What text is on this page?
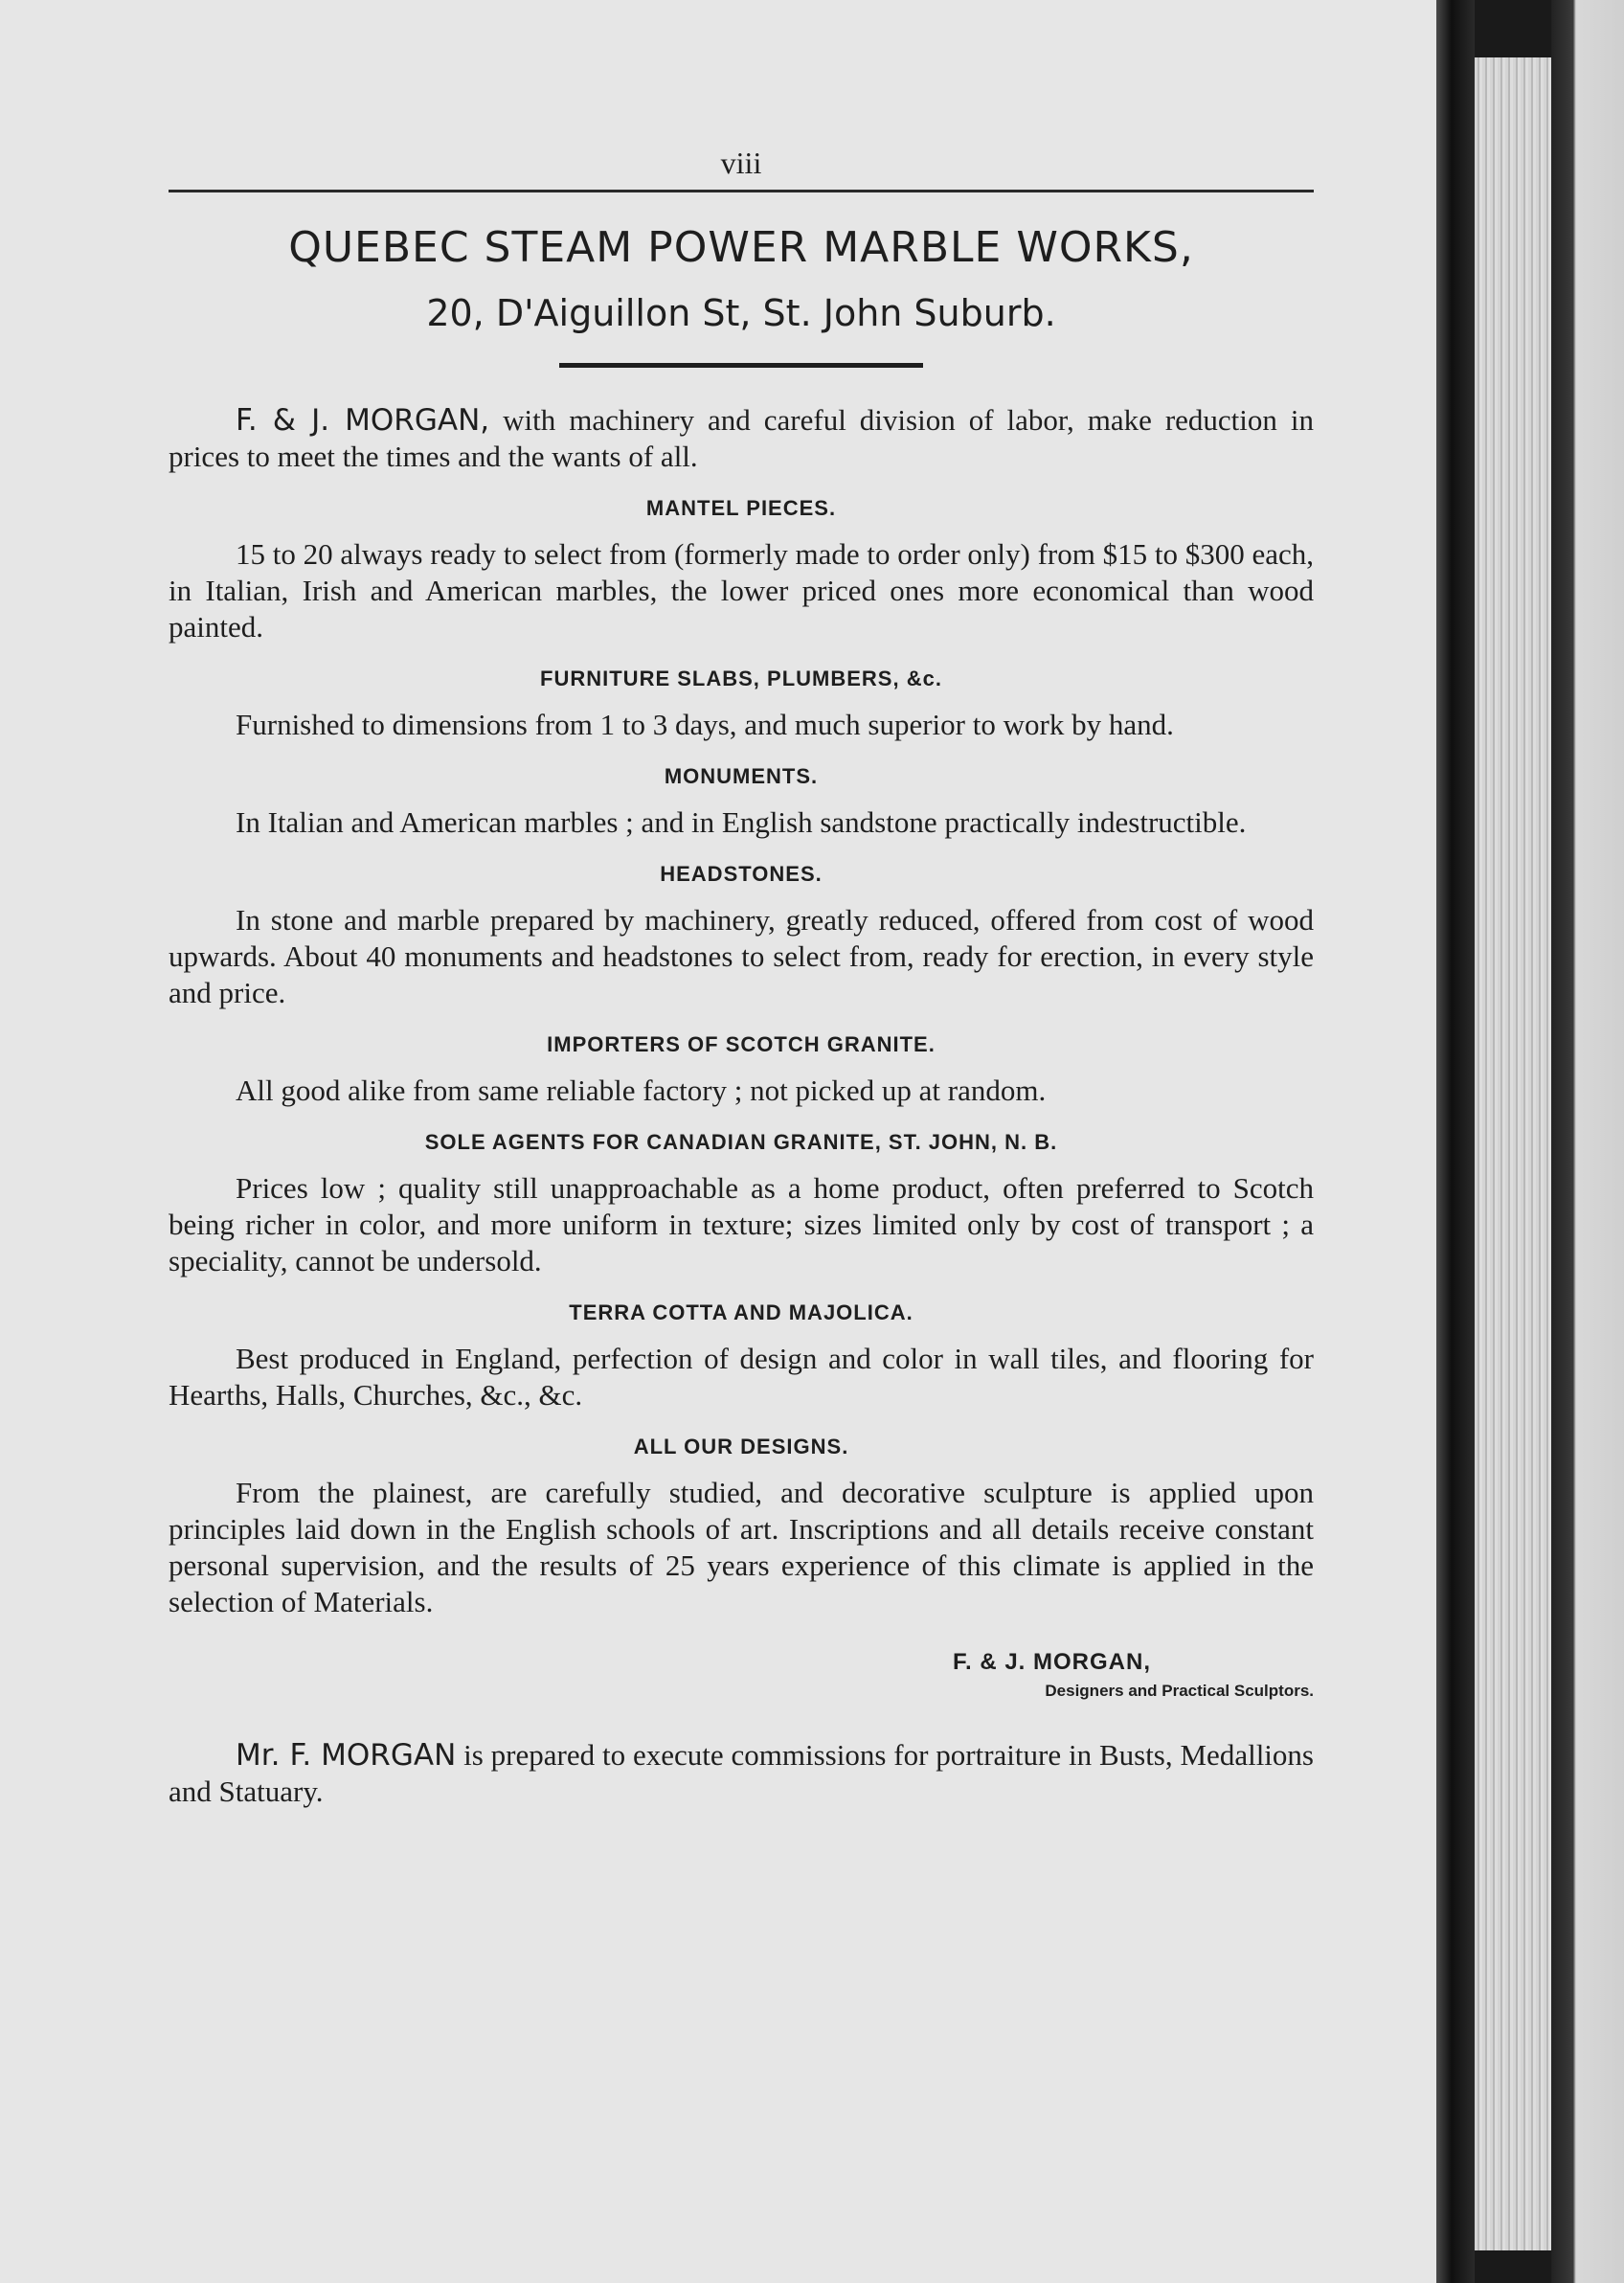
viii
QUEBEC STEAM POWER MARBLE WORKS,
20, D'Aiguillon St, St. John Suburb.

F. & J. MORGAN, with machinery and careful division of labor, make reduction in prices to meet the times and the wants of all.

MANTEL PIECES.

15 to 20 always ready to select from (formerly made to order only) from $15 to $300 each, in Italian, Irish and American marbles, the lower priced ones more economical than wood painted.

FURNITURE SLABS, PLUMBERS, &c.

Furnished to dimensions from 1 to 3 days, and much superior to work by hand.

MONUMENTS.

In Italian and American marbles ; and in English sandstone practically indestructible.

HEADSTONES.

In stone and marble prepared by machinery, greatly reduced, offered from cost of wood upwards. About 40 monuments and headstones to select from, ready for erection, in every style and price.

IMPORTERS OF SCOTCH GRANITE.

All good alike from same reliable factory ; not picked up at random.

SOLE AGENTS FOR CANADIAN GRANITE, ST. JOHN, N. B.

Prices low ; quality still unapproachable as a home product, often preferred to Scotch being richer in color, and more uniform in texture; sizes limited only by cost of transport ; a speciality, cannot be undersold.

TERRA COTTA AND MAJOLICA.

Best produced in England, perfection of design and color in wall tiles, and flooring for Hearths, Halls, Churches, &c., &c.

ALL OUR DESIGNS.

From the plainest, are carefully studied, and decorative sculpture is applied upon principles laid down in the English schools of art. Inscriptions and all details receive constant personal supervision, and the results of 25 years experience of this climate is applied in the selection of Materials.

F. & J. MORGAN,
Designers and Practical Sculptors.

Mr. F. MORGAN is prepared to execute commissions for portraiture in Busts, Medallions and Statuary.
